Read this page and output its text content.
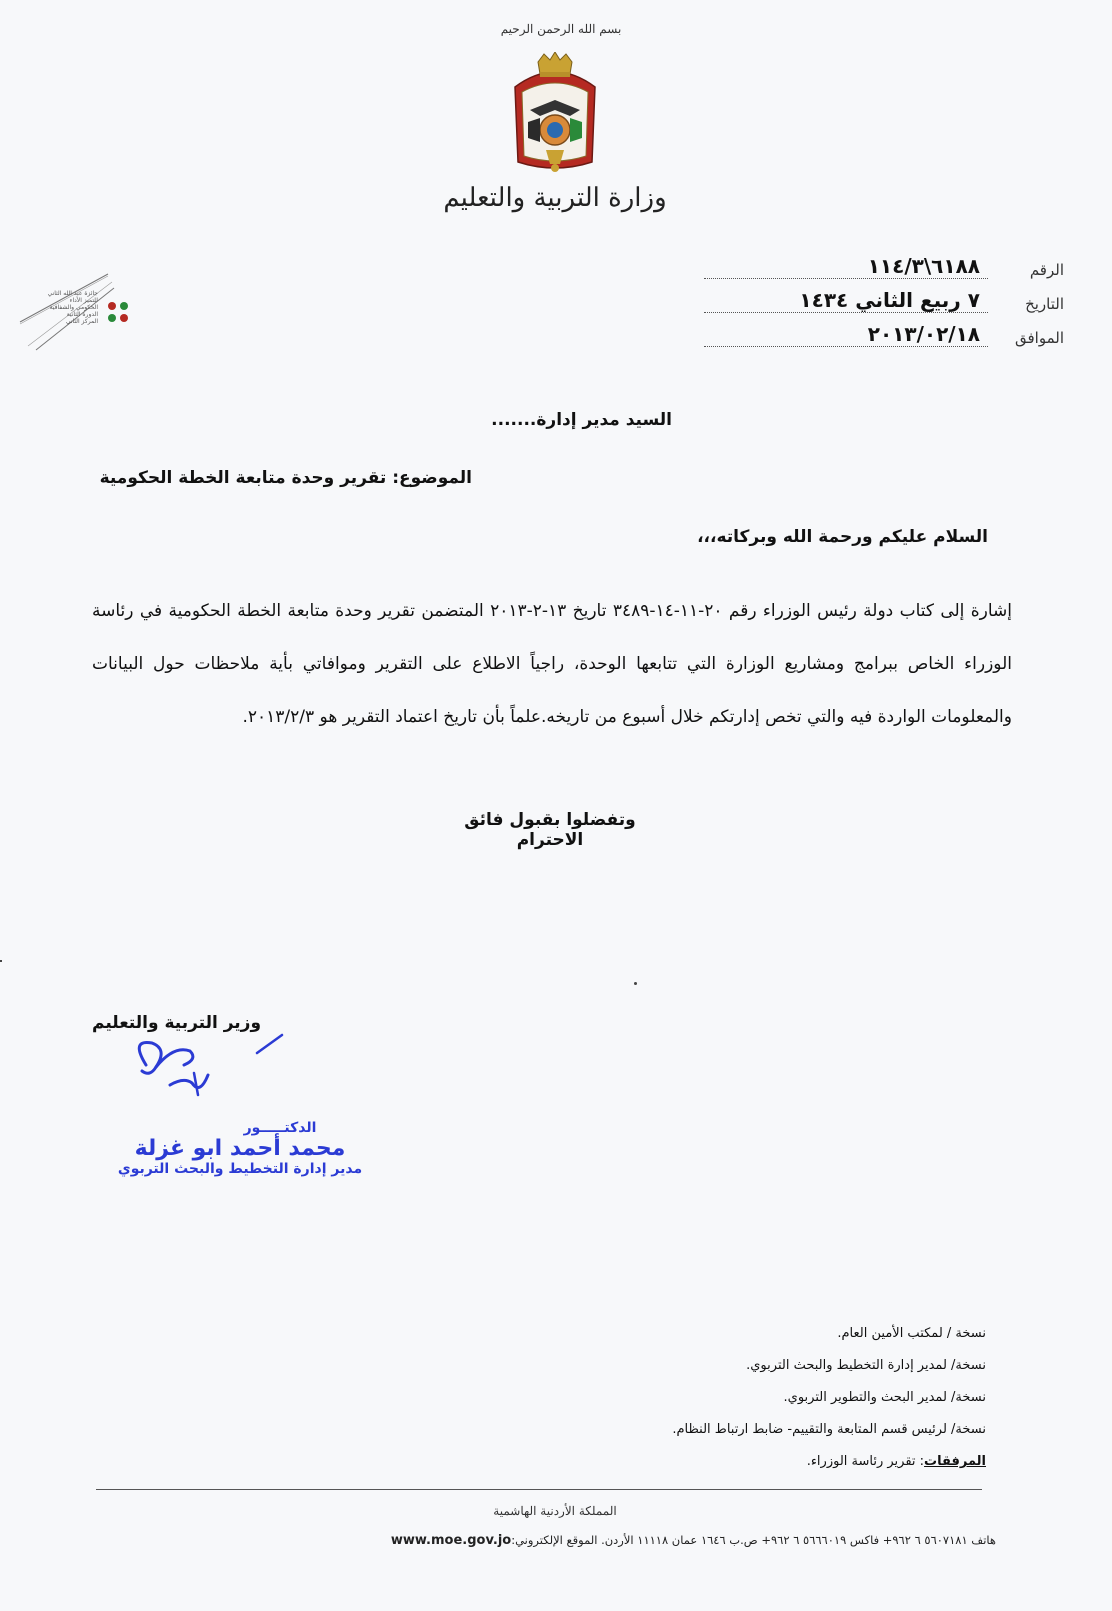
بسم الله الرحمن الرحيم
وزارة التربية والتعليم
جائزة عبد الله الثاني
للتميز الأداء الحكومي والشفافية
الدورة الثانية
المركز الثاني
الرقم
٦١٨٨\١١٤/٣
التاريخ
٧ ربيع الثاني ١٤٣٤
الموافق
٢٠١٣/٠٢/١٨
السيد مدير إدارة.......
الموضوع: تقرير وحدة متابعة الخطة الحكومية
السلام عليكم ورحمة الله وبركاته،،،
إشارة إلى كتاب دولة رئيس الوزراء رقم ٢٠-١١-١٤-٣٤٨٩ تاريخ ١٣-٢-٢٠١٣ المتضمن تقرير وحدة متابعة الخطة الحكومية في رئاسة الوزراء الخاص ببرامج ومشاريع الوزارة التي تتابعها الوحدة، راجياً الاطلاع على التقرير وموافاتي بأية ملاحظات حول البيانات والمعلومات الواردة فيه والتي تخص إدارتكم خلال أسبوع من تاريخه.علماً بأن تاريخ اعتماد التقرير هو ٢٠١٣/٢/٣.
وتفضلوا بقبول فائق الاحترام
وزير التربية والتعليم
الدكتـــــور
محمد أحمد ابو غزلة
مدير إدارة التخطيط والبحث التربوي
نسخة / لمكتب الأمين العام.
نسخة/ لمدير إدارة التخطيط والبحث التربوي.
نسخة/ لمدير البحث والتطوير التربوي.
نسخة/ لرئيس قسم المتابعة والتقييم- ضابط ارتباط النظام.
المرفقات: تقرير رئاسة الوزراء.
المملكة الأردنية الهاشمية
www.moe.gov.joهاتف ٥٦٠٧١٨١ ٦ ٩٦٢+ فاكس ٥٦٦٦٠١٩ ٦ ٩٦٢+ ص.ب ١٦٤٦ عمان ١١١١٨ الأردن. الموقع الإلكتروني:
